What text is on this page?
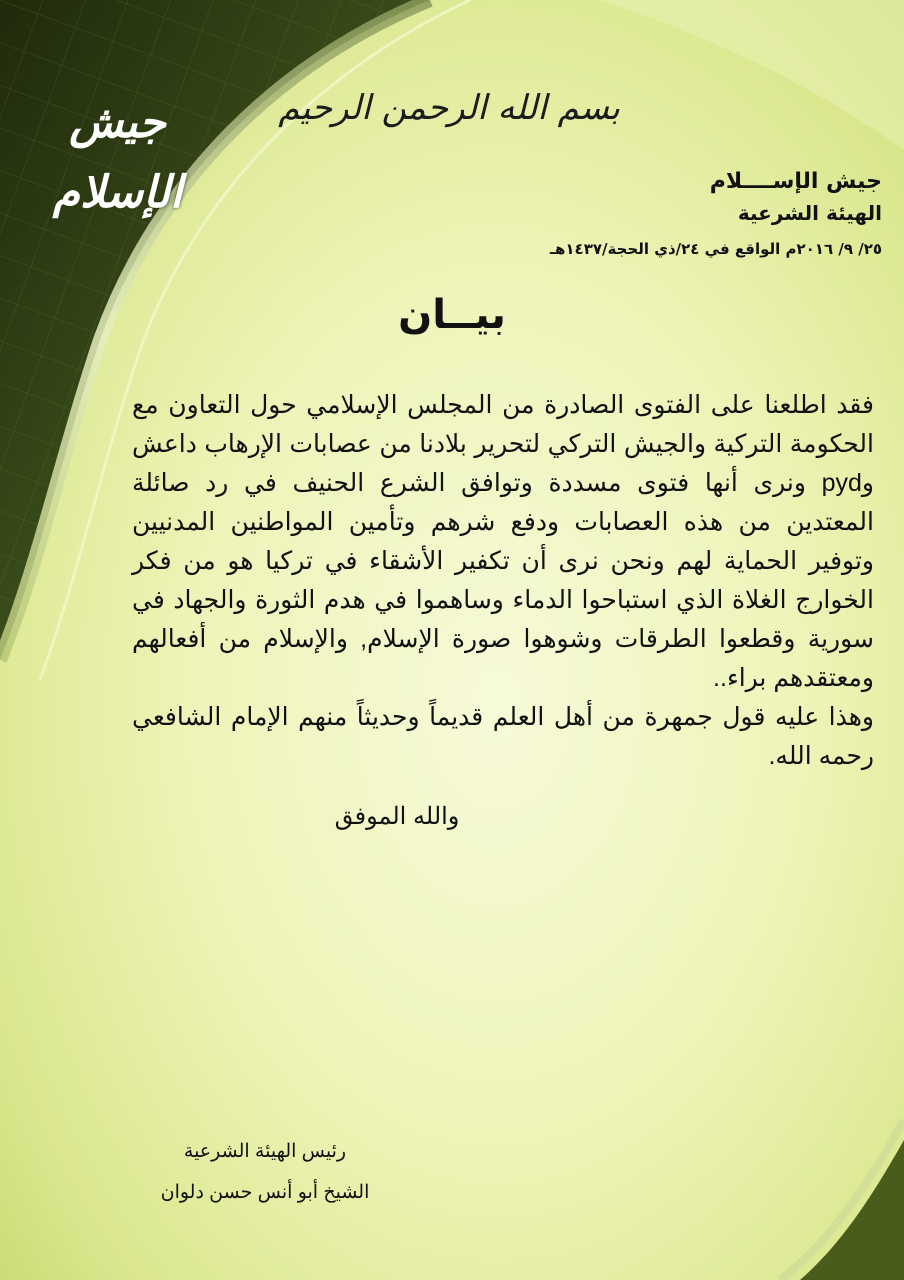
جيش الإسلام
بسم الله الرحمن الرحيم
جيش الإســــلام
الهيئة الشرعية
٢٥/ ٩/ ٢٠١٦م الواقع في ٢٤/ذي الحجة/١٤٣٧هـ
بيــان

فقد اطلعنا على الفتوى الصادرة من المجلس الإسلامي حول التعاون مع الحكومة التركية والجيش التركي لتحرير بلادنا من عصابات الإرهاب داعش وpyd ونرى أنها فتوى مسددة وتوافق الشرع الحنيف في رد صائلة المعتدين من هذه العصابات ودفع شرهم وتأمين المواطنين المدنيين وتوفير الحماية لهم ونحن نرى أن تكفير الأشقاء في تركيا هو من فكر الخوارج الغلاة الذي استباحوا الدماء وساهموا في هدم الثورة والجهاد في سورية وقطعوا الطرقات وشوهوا صورة الإسلام, والإسلام من أفعالهم ومعتقدهم براء..

وهذا عليه قول جمهرة من أهل العلم قديماً وحديثاً منهم الإمام الشافعي رحمه الله.

والله الموفق
رئيس الهيئة الشرعية
الشيخ أبو أنس حسن دلوان
